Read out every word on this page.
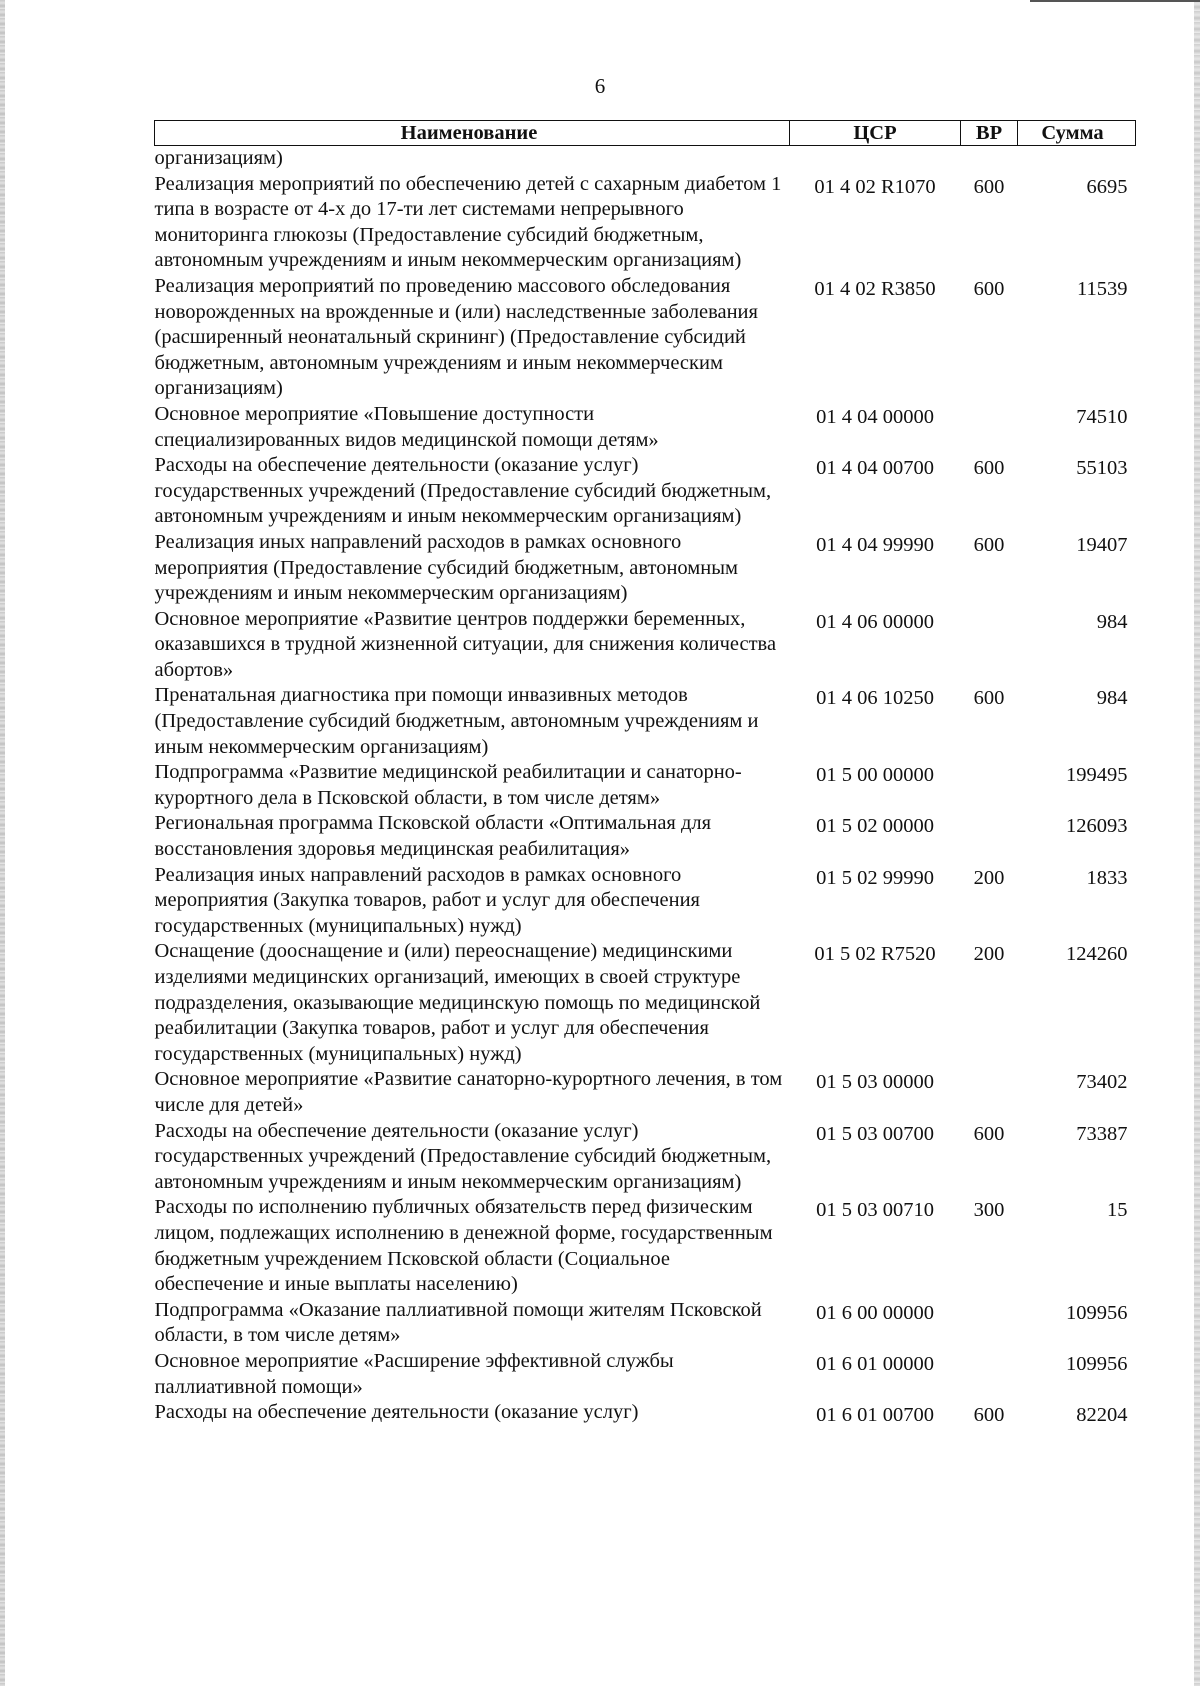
6
Наименование	ЦСР	ВР	Сумма
организациям)			
Реализация мероприятий по обеспечению детей с сахарным диабетом 1 типа в возрасте от 4-х до 17-ти лет системами непрерывного мониторинга глюкозы (Предоставление субсидий бюджетным, автономным учреждениям и иным некоммерческим организациям)	01 4 02 R1070	600	6695
Реализация мероприятий по проведению массового обследования новорожденных на врожденные и (или) наследственные заболевания (расширенный неонатальный скрининг) (Предоставление субсидий бюджетным, автономным учреждениям и иным некоммерческим организациям)	01 4 02 R3850	600	11539
Основное мероприятие «Повышение доступности специализированных видов медицинской помощи детям»	01 4 04 00000		74510
Расходы на обеспечение деятельности (оказание услуг) государственных учреждений (Предоставление субсидий бюджетным, автономным учреждениям и иным некоммерческим организациям)	01 4 04 00700	600	55103
Реализация иных направлений расходов в рамках основного мероприятия (Предоставление субсидий бюджетным, автономным учреждениям и иным некоммерческим организациям)	01 4 04 99990	600	19407
Основное мероприятие «Развитие центров поддержки беременных, оказавшихся в трудной жизненной ситуации, для снижения количества абортов»	01 4 06 00000		984
Пренатальная диагностика при помощи инвазивных методов (Предоставление субсидий бюджетным, автономным учреждениям и иным некоммерческим организациям)	01 4 06 10250	600	984
Подпрограмма «Развитие медицинской реабилитации и санаторно-курортного дела в Псковской области, в том числе детям»	01 5 00 00000		199495
Региональная программа Псковской области «Оптимальная для восстановления здоровья медицинская реабилитация»	01 5 02 00000		126093
Реализация иных направлений расходов в рамках основного мероприятия (Закупка товаров, работ и услуг для обеспечения государственных (муниципальных) нужд)	01 5 02 99990	200	1833
Оснащение (дооснащение и (или) переоснащение) медицинскими изделиями медицинских организаций, имеющих в своей структуре подразделения, оказывающие медицинскую помощь по медицинской реабилитации (Закупка товаров, работ и услуг для обеспечения государственных (муниципальных) нужд)	01 5 02 R7520	200	124260
Основное мероприятие «Развитие санаторно-курортного лечения, в том числе для детей»	01 5 03 00000		73402
Расходы на обеспечение деятельности (оказание услуг) государственных учреждений (Предоставление субсидий бюджетным, автономным учреждениям и иным некоммерческим организациям)	01 5 03 00700	600	73387
Расходы по исполнению публичных обязательств перед физическим лицом, подлежащих исполнению в денежной форме, государственным бюджетным учреждением Псковской области (Социальное обеспечение и иные выплаты населению)	01 5 03 00710	300	15
Подпрограмма «Оказание паллиативной помощи жителям Псковской области, в том числе детям»	01 6 00 00000		109956
Основное мероприятие «Расширение эффективной службы паллиативной помощи»	01 6 01 00000		109956
Расходы на обеспечение деятельности (оказание услуг)	01 6 01 00700	600	82204
